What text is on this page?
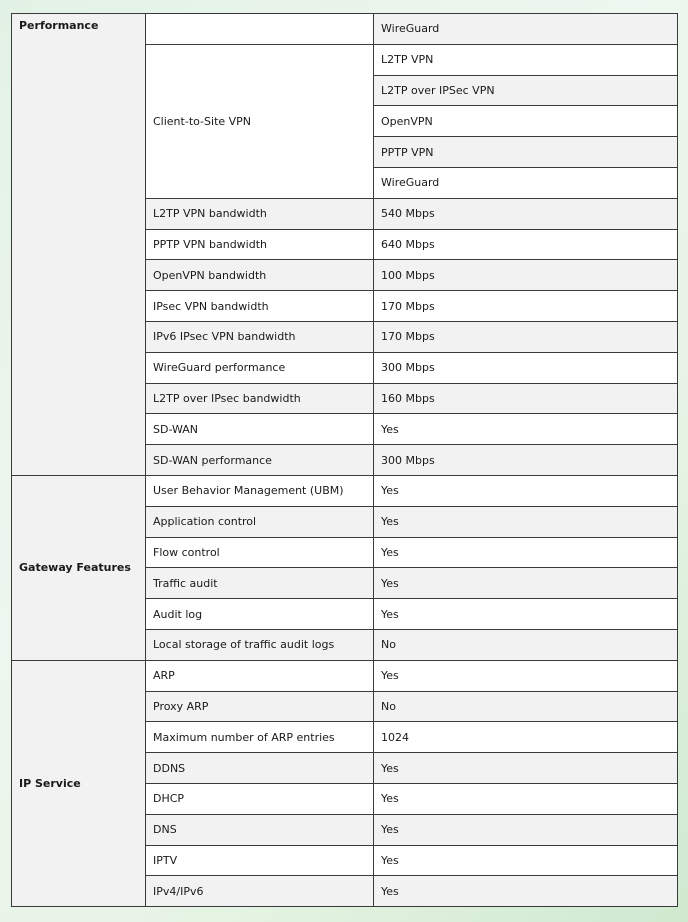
Performance		WireGuard
	Client-to-Site VPN	L2TP VPN
		L2TP over IPSec VPN
		OpenVPN
		PPTP VPN
		WireGuard
	L2TP VPN bandwidth	540 Mbps
	PPTP VPN bandwidth	640 Mbps
	OpenVPN bandwidth	100 Mbps
	IPsec VPN bandwidth	170 Mbps
	IPv6 IPsec VPN bandwidth	170 Mbps
	WireGuard performance	300 Mbps
	L2TP over IPsec bandwidth	160 Mbps
	SD-WAN	Yes
	SD-WAN performance	300 Mbps
Gateway Features	User Behavior Management (UBM)	Yes
	Application control	Yes
	Flow control	Yes
	Traffic audit	Yes
	Audit log	Yes
	Local storage of traffic audit logs	No
IP Service	ARP	Yes
	Proxy ARP	No
	Maximum number of ARP entries	1024
	DDNS	Yes
	DHCP	Yes
	DNS	Yes
	IPTV	Yes
	IPv4/IPv6	Yes
